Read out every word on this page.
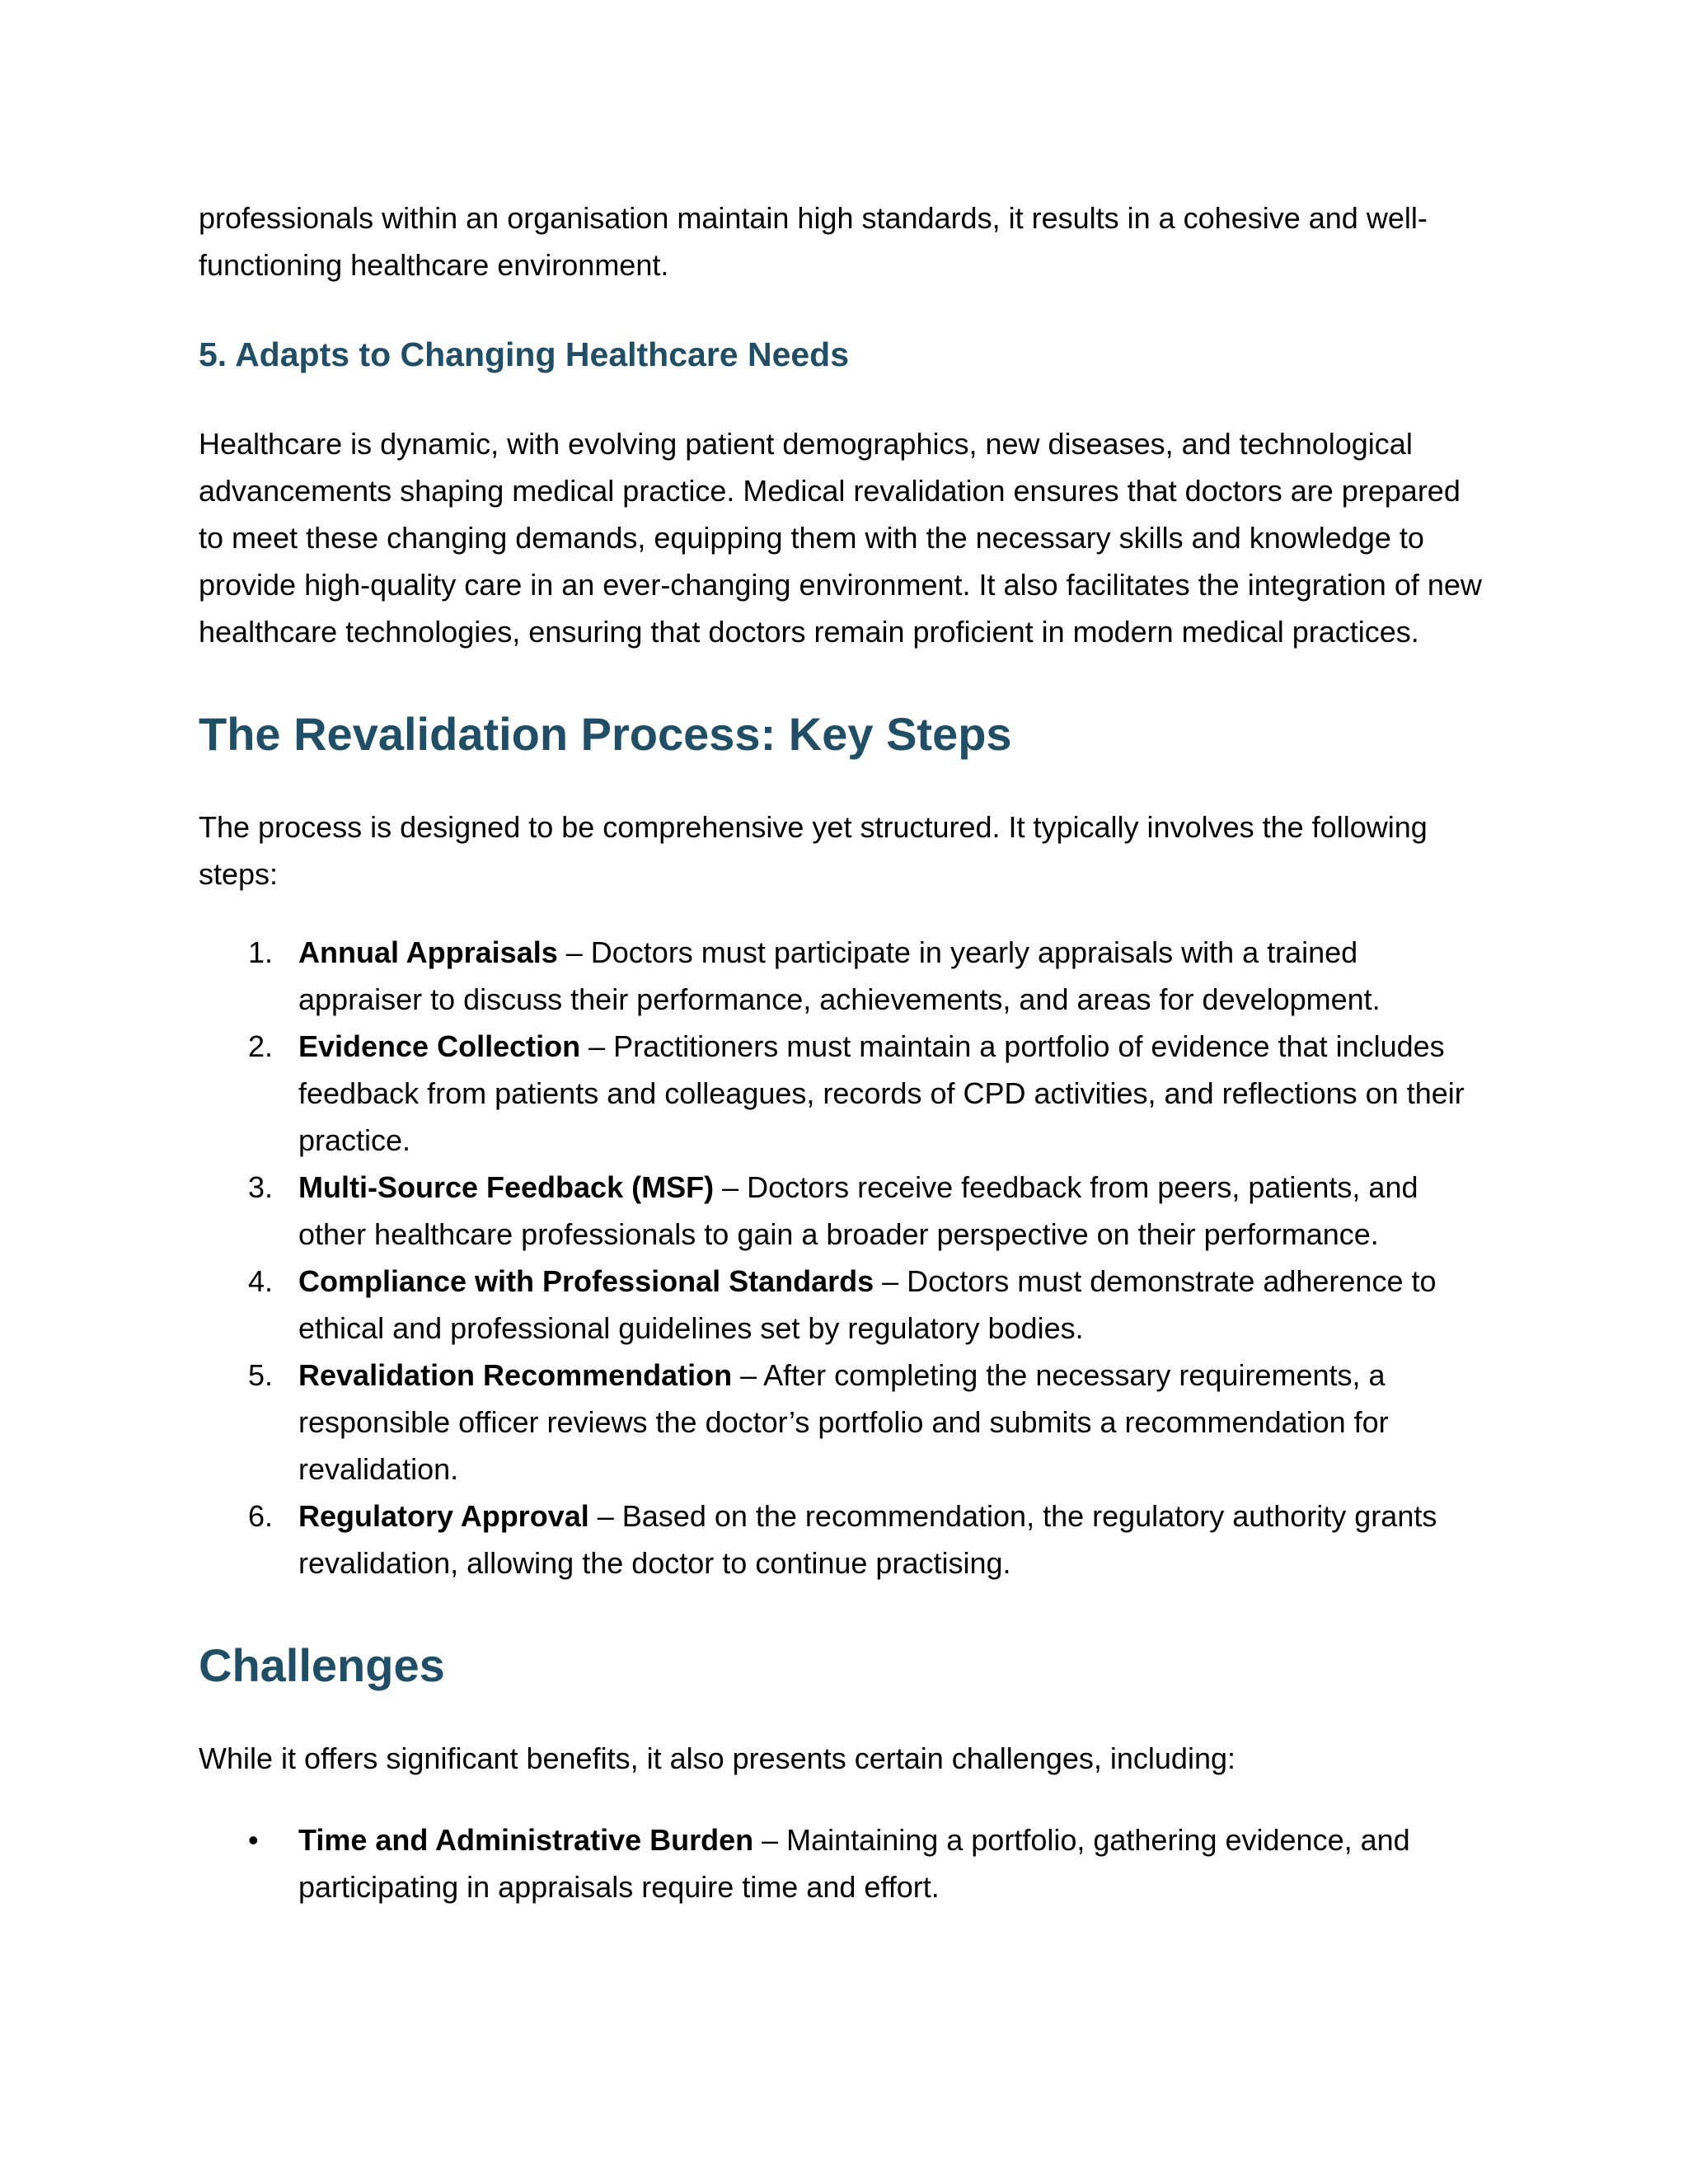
professionals within an organisation maintain high standards, it results in a cohesive and well-functioning healthcare environment.

5. Adapts to Changing Healthcare Needs

Healthcare is dynamic, with evolving patient demographics, new diseases, and technological advancements shaping medical practice. Medical revalidation ensures that doctors are prepared to meet these changing demands, equipping them with the necessary skills and knowledge to provide high-quality care in an ever-changing environment. It also facilitates the integration of new healthcare technologies, ensuring that doctors remain proficient in modern medical practices.

The Revalidation Process: Key Steps

The process is designed to be comprehensive yet structured. It typically involves the following steps:

1. Annual Appraisals – Doctors must participate in yearly appraisals with a trained appraiser to discuss their performance, achievements, and areas for development.
2. Evidence Collection – Practitioners must maintain a portfolio of evidence that includes feedback from patients and colleagues, records of CPD activities, and reflections on their practice.
3. Multi-Source Feedback (MSF) – Doctors receive feedback from peers, patients, and other healthcare professionals to gain a broader perspective on their performance.
4. Compliance with Professional Standards – Doctors must demonstrate adherence to ethical and professional guidelines set by regulatory bodies.
5. Revalidation Recommendation – After completing the necessary requirements, a responsible officer reviews the doctor’s portfolio and submits a recommendation for revalidation.
6. Regulatory Approval – Based on the recommendation, the regulatory authority grants revalidation, allowing the doctor to continue practising.
Challenges

While it offers significant benefits, it also presents certain challenges, including:

• Time and Administrative Burden – Maintaining a portfolio, gathering evidence, and participating in appraisals require time and effort.
